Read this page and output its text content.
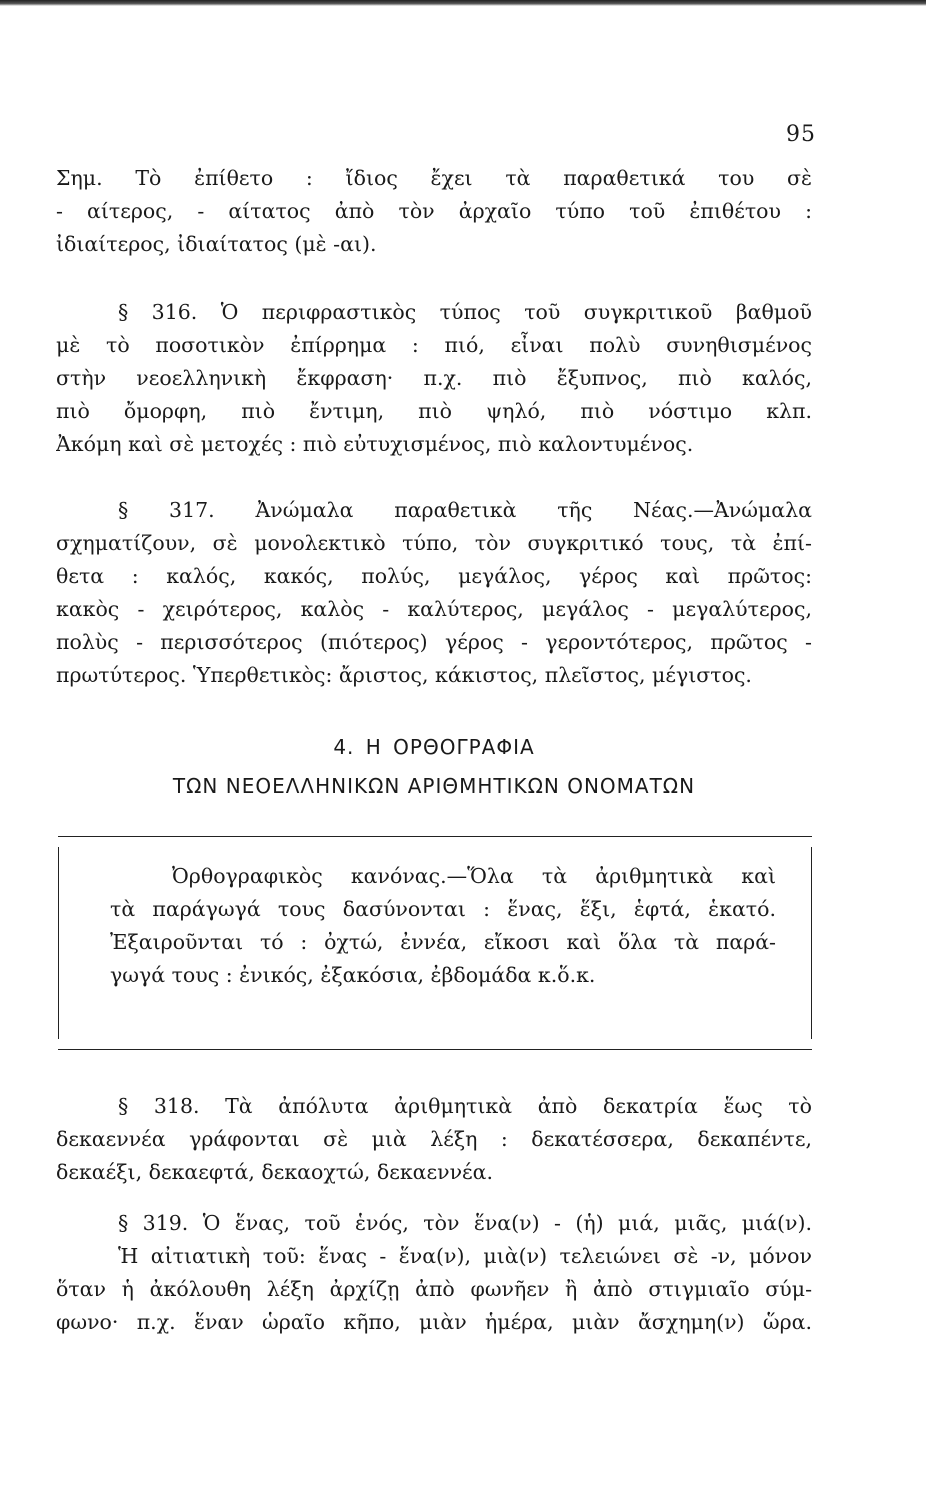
95
Σημ. Τὸ ἐπίθετο : ἴδιος ἔχει τὰ παραθετικά του σὲ
- αίτερος, - αίτατος ἀπὸ τὸν ἀρχαῖο τύπο τοῦ ἐπιθέτου :
ἰδιαίτερος, ἰδιαίτατος (μὲ -αι).
§ 316. Ὁ περιφραστικὸς τύπος τοῦ συγκριτικοῦ βαθμοῦ
μὲ τὸ ποσοτικὸν ἐπίρρημα : πιό, εἶναι πολὺ συνηθισμένος
στὴν νεοελληνικὴ ἔκφραση· π.χ. πιὸ ἔξυπνος, πιὸ καλός,
πιὸ ὄμορφη, πιὸ ἔντιμη, πιὸ ψηλό, πιὸ νόστιμο κλπ.
Ἀκόμη καὶ σὲ μετοχές : πιὸ εὐτυχισμένος, πιὸ καλοντυμένος.
§ 317. Ἀνώμαλα παραθετικὰ τῆς Νέας.—Ἀνώμαλα
σχηματίζουν, σὲ μονολεκτικὸ τύπο, τὸν συγκριτικό τους, τὰ ἐπί-
θετα : καλός, κακός, πολύς, μεγάλος, γέρος καὶ πρῶτος:
κακὸς - χειρότερος, καλὸς - καλύτερος, μεγάλος - μεγαλύτερος,
πολὺς - περισσότερος (πιότερος) γέρος - γεροντότερος, πρῶτος -
πρωτύτερος. Ὑπερθετικὸς: ἄριστος, κάκιστος, πλεῖστος, μέγιστος.
4. Η ΟΡΘΟΓΡΑΦΙΑ
ΤΩΝ ΝΕΟΕΛΛΗΝΙΚΩΝ ΑΡΙΘΜΗΤΙΚΩΝ ΟΝΟΜΑΤΩΝ
Ὀρθογραφικὸς κανόνας.—Ὅλα τὰ ἀριθμητικὰ καὶ
τὰ παράγωγά τους δασύνονται : ἕνας, ἕξι, ἑφτά, ἑκατό.
Ἐξαιροῦνται τό : ὀχτώ, ἐννέα, εἴκοσι καὶ ὅλα τὰ παρά-
γωγά τους : ἐνικός, ἐξακόσια, ἐβδομάδα κ.ὅ.κ.
§ 318. Τὰ ἀπόλυτα ἀριθμητικὰ ἀπὸ δεκατρία ἕως τὸ
δεκαεννέα γράφονται σὲ μιὰ λέξη : δεκατέσσερα, δεκαπέντε,
δεκαέξι, δεκαεφτά, δεκαοχτώ, δεκαεννέα.
§ 319. Ὁ ἕνας, τοῦ ἑνός, τὸν ἕνα(ν) - (ἡ) μιά, μιᾶς, μιά(ν).
Ἡ αἰτιατικὴ τοῦ: ἕνας - ἕνα(ν), μιὰ(ν) τελειώνει σὲ -ν, μόνον
ὅταν ἡ ἀκόλουθη λέξη ἀρχίζῃ ἀπὸ φωνῆεν ἢ ἀπὸ στιγμιαῖο σύμ-
φωνο· π.χ. ἕναν ὡραῖο κῆπο, μιὰν ἡμέρα, μιὰν ἄσχημη(ν) ὥρα.
